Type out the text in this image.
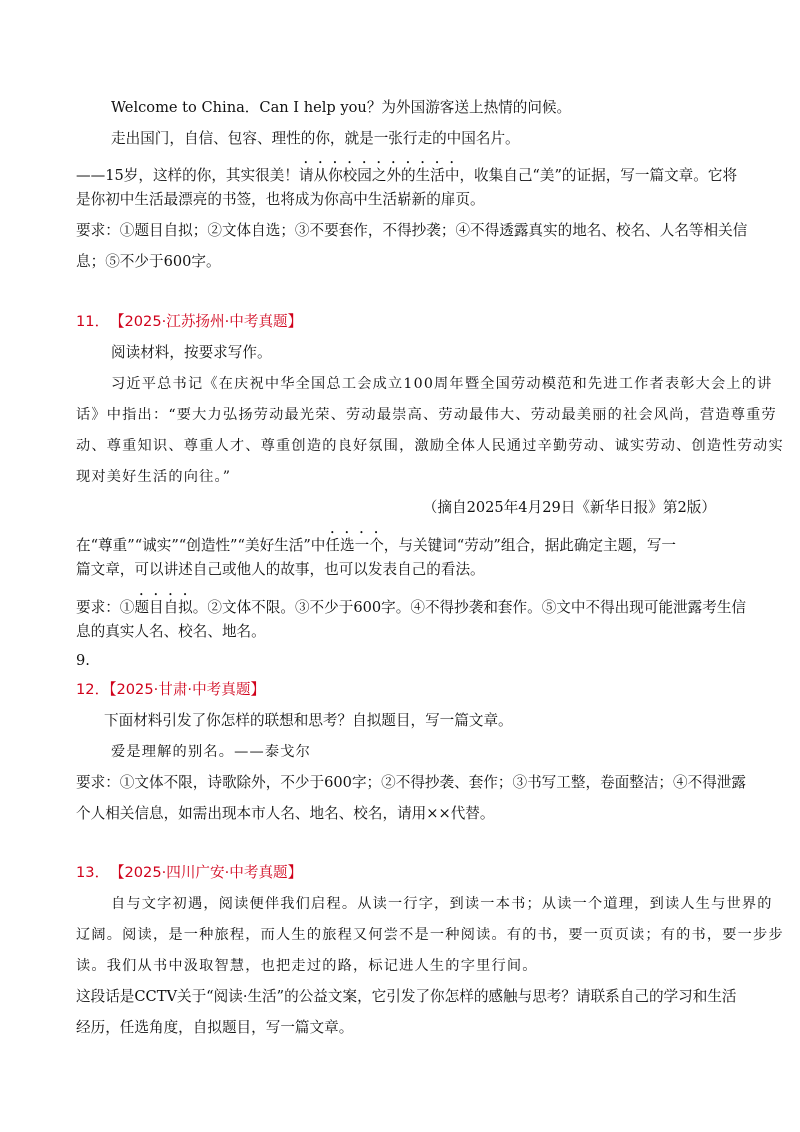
Welcome to China．Can I help you？为外国游客送上热情的问候。
走出国门，自信、包容、理性的你，就是一张行走的中国名片。
——15岁，这样的你，其实很美！请从你校园之外的生活中，收集自己“美”的证据，写一篇文章。它将
是你初中生活最漂亮的书签，也将成为你高中生活崭新的扉页。
要求：①题目自拟；②文体自选；③不要套作，不得抄袭；④不得透露真实的地名、校名、人名等相关信
息；⑤不少于600字。
11． 【2025·江苏扬州·中考真题】
阅读材料，按要求写作。
习近平总书记《在庆祝中华全国总工会成立100周年暨全国劳动模范和先进工作者表彰大会上的讲
话》中指出：“要大力弘扬劳动最光荣、劳动最崇高、劳动最伟大、劳动最美丽的社会风尚，营造尊重劳
动、尊重知识、尊重人才、尊重创造的良好氛围，激励全体人民通过辛勤劳动、诚实劳动、创造性劳动实
现对美好生活的向往。”
（摘自2025年4月29日《新华日报》第2版）
在“尊重”“诚实”“创造性”“美好生活”中任选一个，与关键词“劳动”组合，据此确定主题，写一
篇文章，可以讲述自己或他人的故事，也可以发表自己的看法。
要求：①题目自拟。②文体不限。③不少于600字。④不得抄袭和套作。⑤文中不得出现可能泄露考生信
息的真实人名、校名、地名。
9.
12．【2025·甘肃·中考真题】
下面材料引发了你怎样的联想和思考？自拟题目，写一篇文章。
爱是理解的别名。——泰戈尔
要求：①文体不限，诗歌除外，不少于600字；②不得抄袭、套作；③书写工整，卷面整洁；④不得泄露
个人相关信息，如需出现本市人名、地名、校名，请用××代替。
13． 【2025·四川广安·中考真题】
自与文字初遇，阅读便伴我们启程。从读一行字，到读一本书；从读一个道理，到读人生与世界的
辽阔。阅读，是一种旅程，而人生的旅程又何尝不是一种阅读。有的书，要一页页读；有的书，要一步步
读。我们从书中汲取智慧，也把走过的路，标记进人生的字里行间。
这段话是CCTV关于“阅读·生活”的公益文案，它引发了你怎样的感触与思考？请联系自己的学习和生活
经历，任选角度，自拟题目，写一篇文章。
